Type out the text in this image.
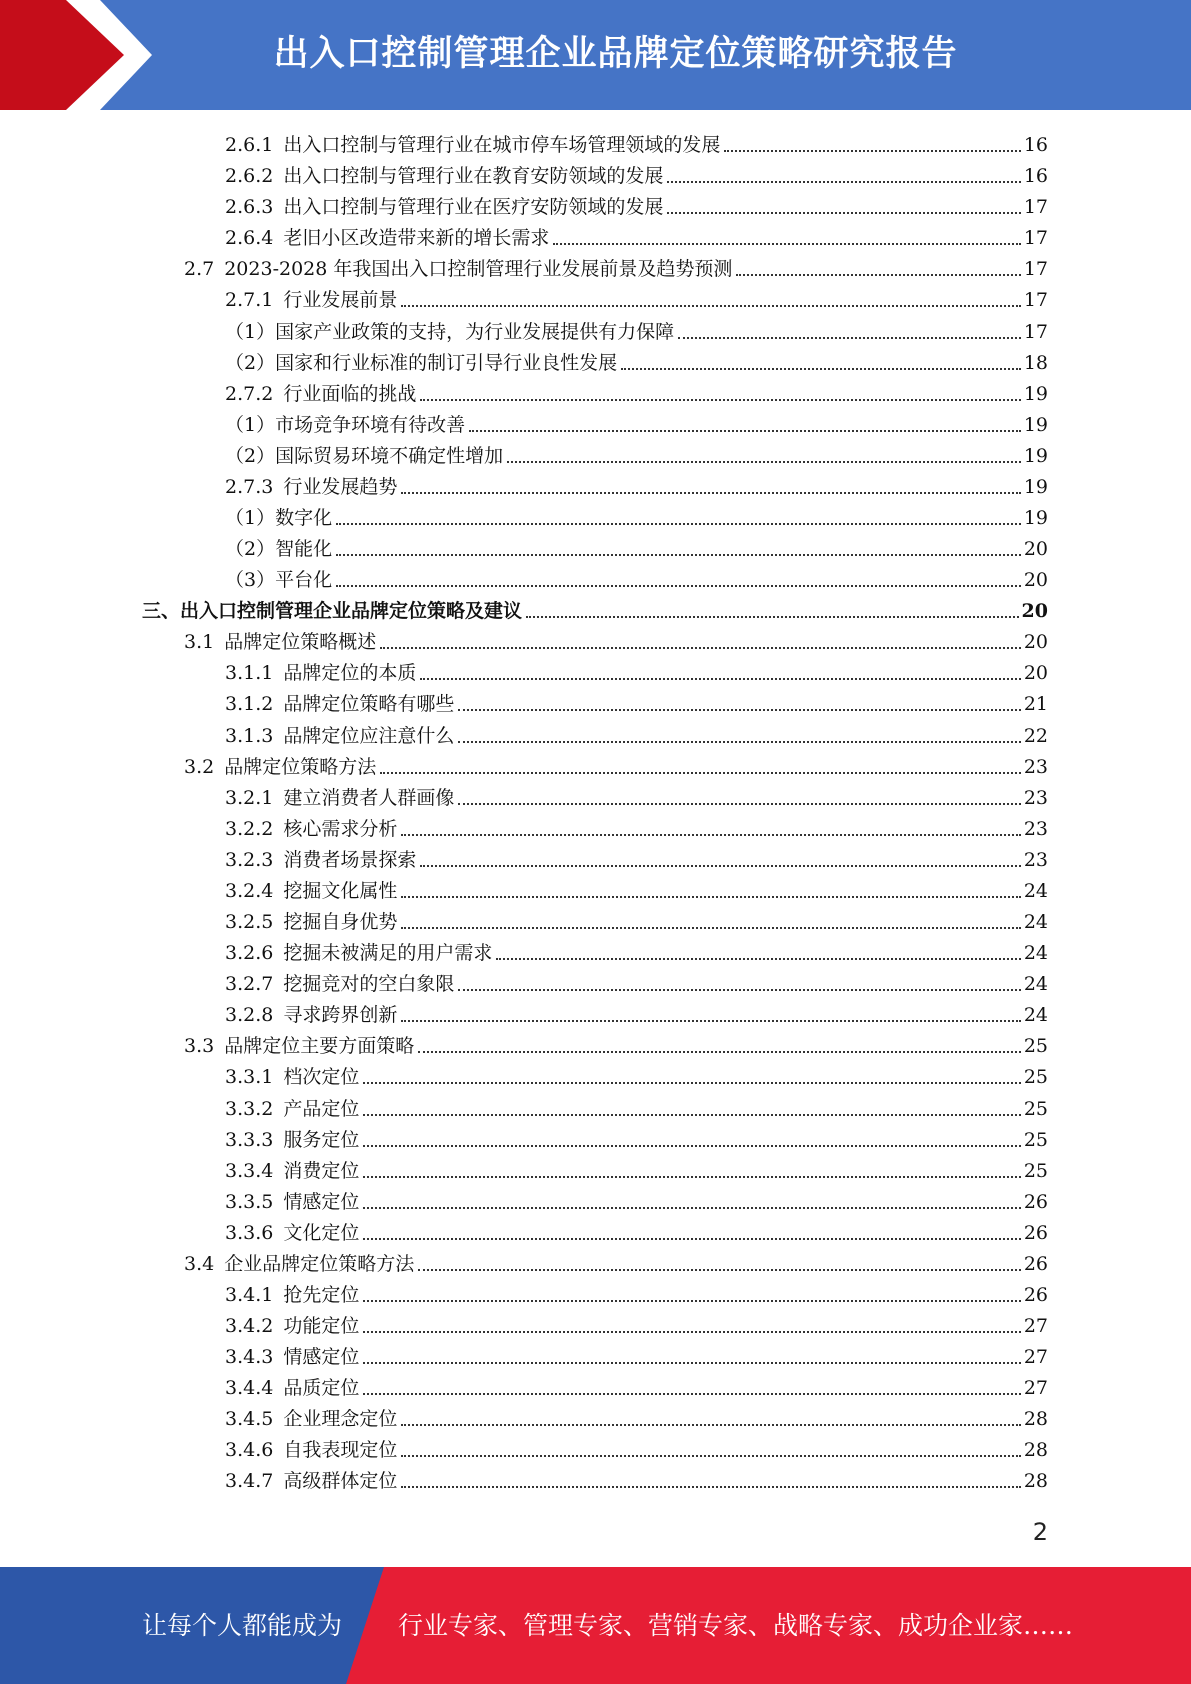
出入口控制管理企业品牌定位策略研究报告
2.6.1 出入口控制与管理行业在城市停车场管理领域的发展	16
2.6.2 出入口控制与管理行业在教育安防领域的发展	16
2.6.3 出入口控制与管理行业在医疗安防领域的发展	17
2.6.4 老旧小区改造带来新的增长需求	17
2.7 2023-2028 年我国出入口控制管理行业发展前景及趋势预测	17
2.7.1 行业发展前景	17
（1） 国家产业政策的支持，为行业发展提供有力保障	17
（2） 国家和行业标准的制订引导行业良性发展	18
2.7.2 行业面临的挑战	19
（1） 市场竞争环境有待改善	19
（2） 国际贸易环境不确定性增加	19
2.7.3 行业发展趋势	19
（1） 数字化	19
（2） 智能化	20
（3） 平台化	20
三、 出入口控制管理企业品牌定位策略及建议	20
3.1 品牌定位策略概述	20
3.1.1 品牌定位的本质	20
3.1.2 品牌定位策略有哪些	21
3.1.3 品牌定位应注意什么	22
3.2 品牌定位策略方法	23
3.2.1 建立消费者人群画像	23
3.2.2 核心需求分析	23
3.2.3 消费者场景探索	23
3.2.4 挖掘文化属性	24
3.2.5 挖掘自身优势	24
3.2.6 挖掘未被满足的用户需求	24
3.2.7 挖掘竞对的空白象限	24
3.2.8 寻求跨界创新	24
3.3 品牌定位主要方面策略	25
3.3.1 档次定位	25
3.3.2 产品定位	25
3.3.3 服务定位	25
3.3.4 消费定位	25
3.3.5 情感定位	26
3.3.6 文化定位	26
3.4 企业品牌定位策略方法	26
3.4.1 抢先定位	26
3.4.2 功能定位	27
3.4.3 情感定位	27
3.4.4 品质定位	27
3.4.5 企业理念定位	28
3.4.6 自我表现定位	28
3.4.7 高级群体定位	28
2
让每个人都能成为 行业专家、管理专家、营销专家、战略专家、成功企业家……
